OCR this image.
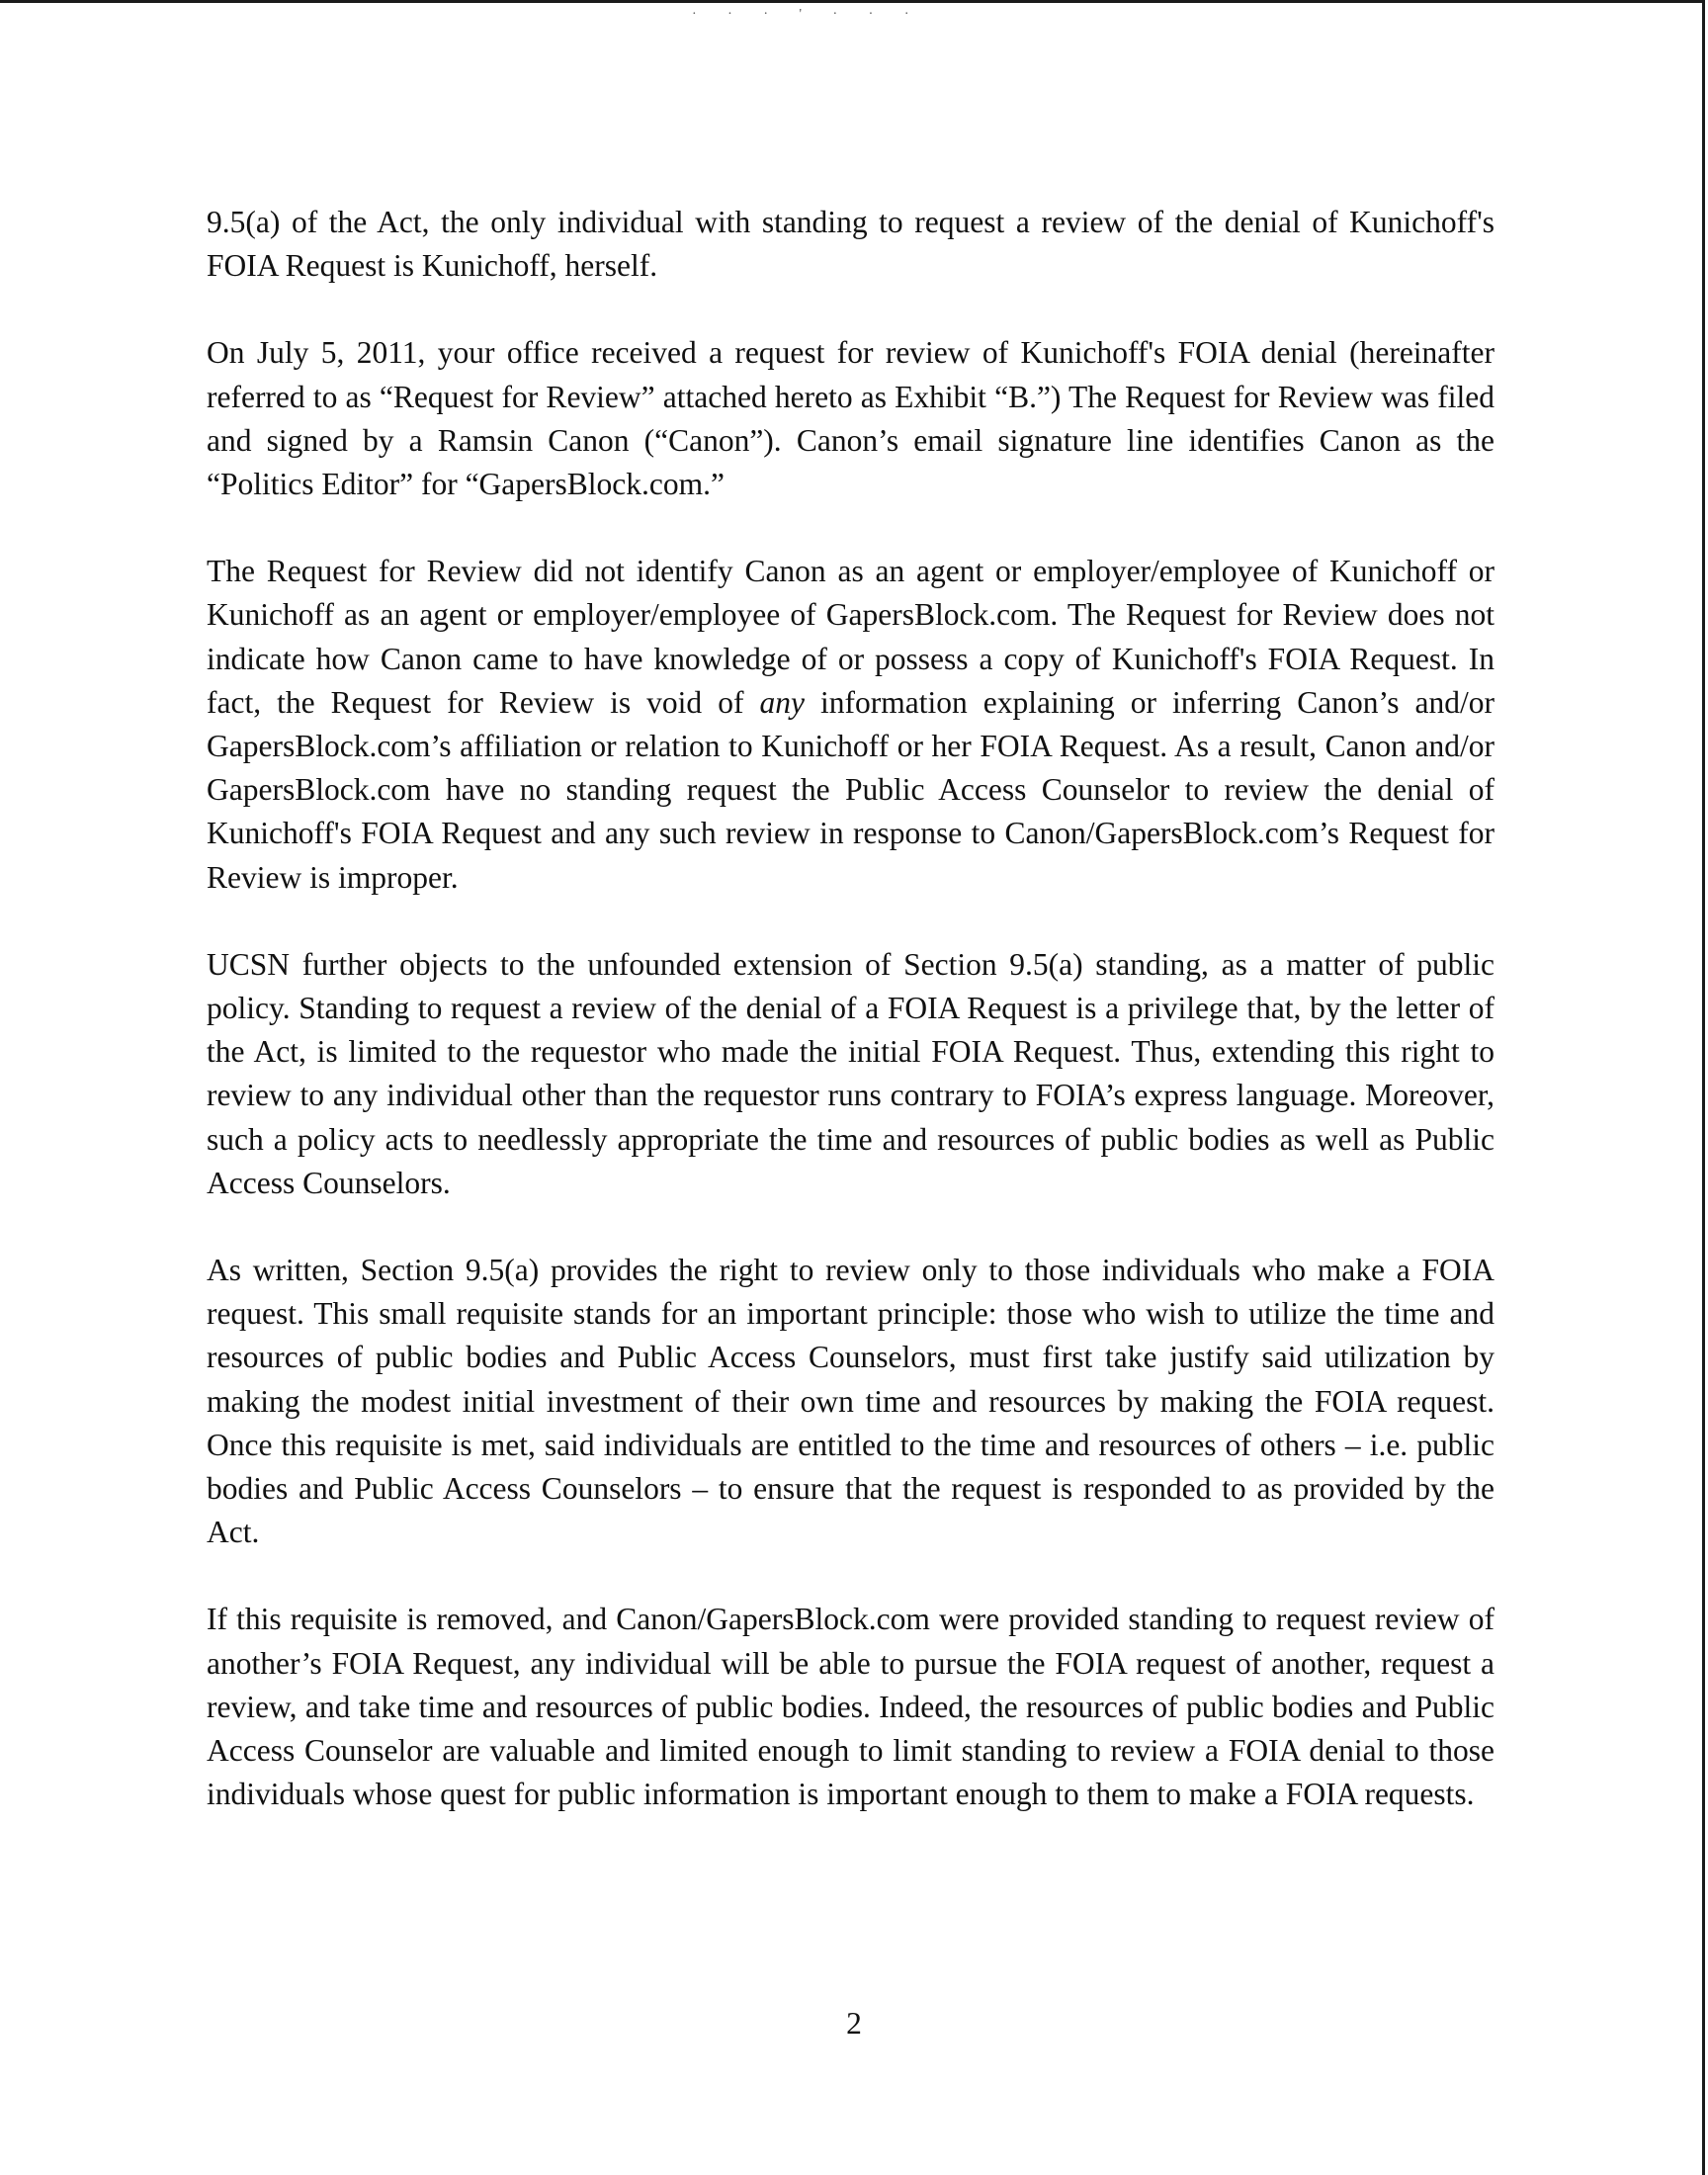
· · · ' · · ·

9.5(a) of the Act, the only individual with standing to request a review of the denial of Kunichoff's FOIA Request is Kunichoff, herself.

On July 5, 2011, your office received a request for review of Kunichoff's FOIA denial (hereinafter referred to as “Request for Review” attached hereto as Exhibit “B.”) The Request for Review was filed and signed by a Ramsin Canon (“Canon”). Canon’s email signature line identifies Canon as the “Politics Editor” for “GapersBlock.com.”

The Request for Review did not identify Canon as an agent or employer/employee of Kunichoff or Kunichoff as an agent or employer/employee of GapersBlock.com. The Request for Review does not indicate how Canon came to have knowledge of or possess a copy of Kunichoff's FOIA Request. In fact, the Request for Review is void of any information explaining or inferring Canon’s and/or GapersBlock.com’s affiliation or relation to Kunichoff or her FOIA Request. As a result, Canon and/or GapersBlock.com have no standing request the Public Access Counselor to review the denial of Kunichoff's FOIA Request and any such review in response to Canon/GapersBlock.com’s Request for Review is improper.

UCSN further objects to the unfounded extension of Section 9.5(a) standing, as a matter of public policy. Standing to request a review of the denial of a FOIA Request is a privilege that, by the letter of the Act, is limited to the requestor who made the initial FOIA Request. Thus, extending this right to review to any individual other than the requestor runs contrary to FOIA’s express language. Moreover, such a policy acts to needlessly appropriate the time and resources of public bodies as well as Public Access Counselors.

As written, Section 9.5(a) provides the right to review only to those individuals who make a FOIA request. This small requisite stands for an important principle: those who wish to utilize the time and resources of public bodies and Public Access Counselors, must first take justify said utilization by making the modest initial investment of their own time and resources by making the FOIA request. Once this requisite is met, said individuals are entitled to the time and resources of others – i.e. public bodies and Public Access Counselors – to ensure that the request is responded to as provided by the Act.

If this requisite is removed, and Canon/GapersBlock.com were provided standing to request review of another’s FOIA Request, any individual will be able to pursue the FOIA request of another, request a review, and take time and resources of public bodies. Indeed, the resources of public bodies and Public Access Counselor are valuable and limited enough to limit standing to review a FOIA denial to those individuals whose quest for public information is important enough to them to make a FOIA requests.

2
